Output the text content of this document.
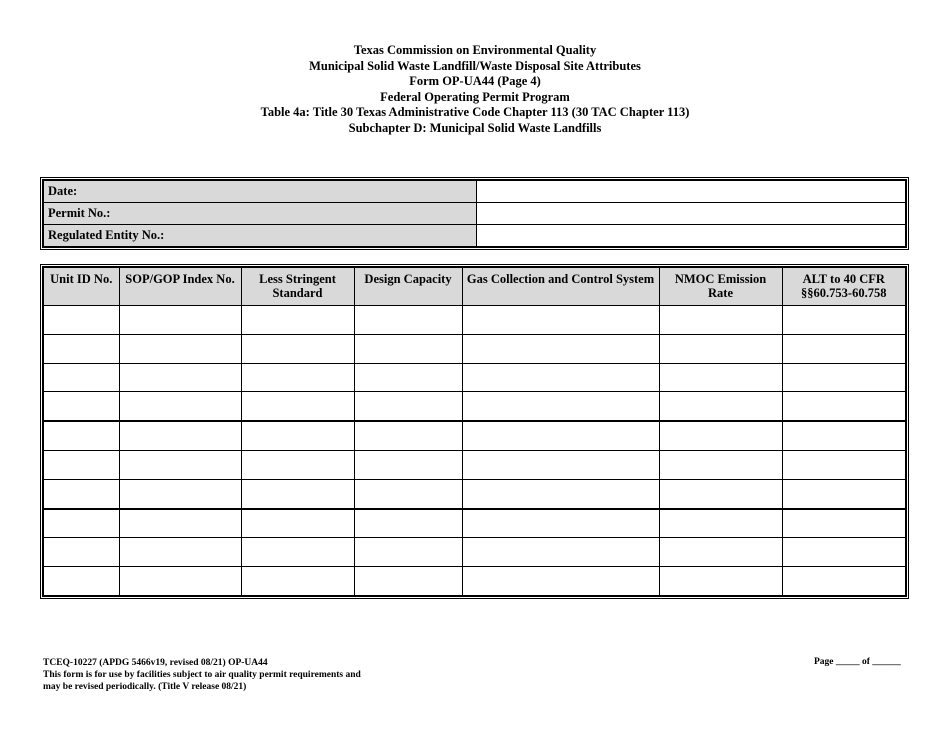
Texas Commission on Environmental Quality
Municipal Solid Waste Landfill/Waste Disposal Site Attributes
Form OP-UA44 (Page 4)
Federal Operating Permit Program
Table 4a: Title 30 Texas Administrative Code Chapter 113 (30 TAC Chapter 113)
Subchapter D: Municipal Solid Waste Landfills
Date:	
Permit No.:	
Regulated Entity No.:	
Unit ID No.	SOP/GOP Index No.	Less Stringent Standard	Design Capacity	Gas Collection and Control System	NMOC Emission Rate	ALT to 40 CFR §§60.753-60.758

TCEQ-10227 (APDG 5466v19, revised 08/21) OP-UA44
This form is for use by facilities subject to air quality permit requirements and
may be revised periodically. (Title V release 08/21)
Page _____ of ______
